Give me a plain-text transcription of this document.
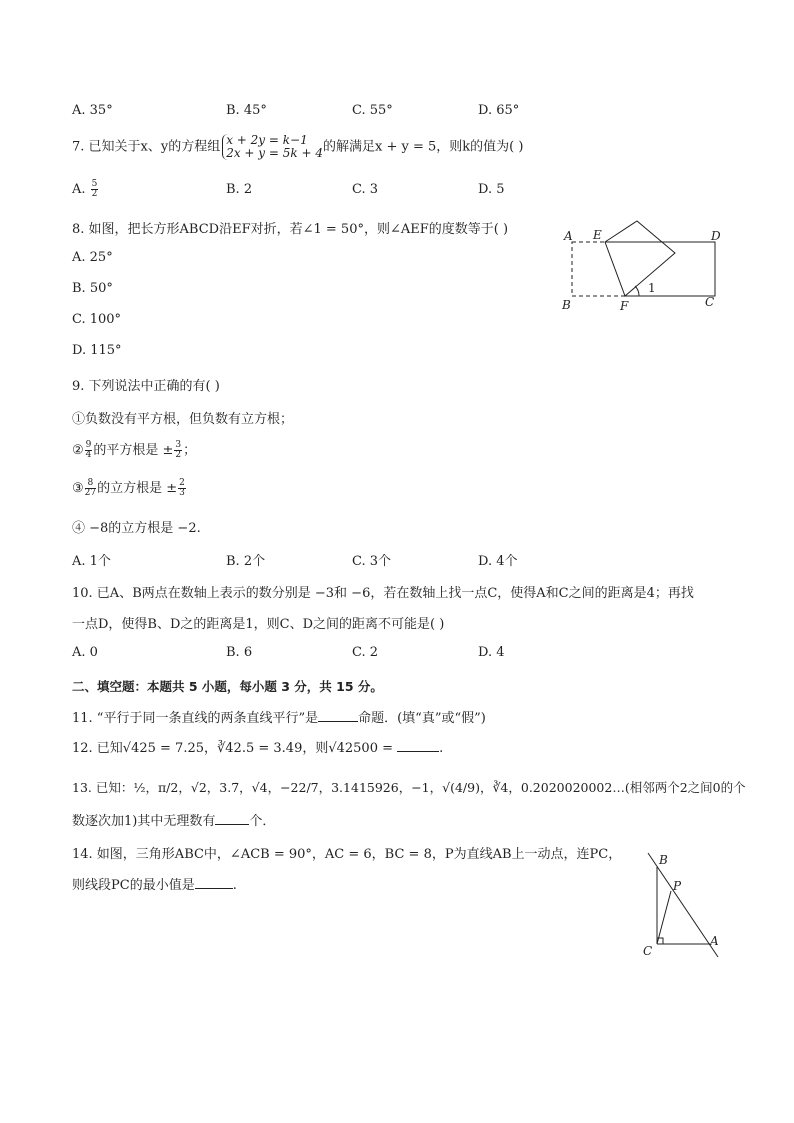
A. 35°	B. 45°	C. 55°	D. 65°
7. 已知关于x、y的方程组 x + 2y = k−1
2x + y = 5k + 4 的解满足x + y = 5，则k的值为( )
A. $\frac{5}{2}$	B. 2	C. 3	D. 5
8. 如图，把长方形ABCD沿EF对折，若∠1 = 50°，则∠AEF的度数等于( )
A. 25°
B. 50°
C. 100°
D. 115°
A E	D
B	F	C
1
9. 下列说法中正确的有( )
①负数没有平方根，但负数有立方根；
② $\frac{9}{4}$ 的平方根是 ± $\frac{3}{2}$ ；
③ $\frac{8}{27}$ 的立方根是 ± $\frac{2}{3}$
④ −8的立方根是 −2.
A. 1个	B. 2个	C. 3个	D. 4个
10. 已A、B两点在数轴上表示的数分别是 −3和 −6，若在数轴上找一点C，使得A和C之间的距离是4；再找
一点D，使得B、D之的距离是1，则C、D之间的距离不可能是( )
A. 0	B. 6	C. 2	D. 4
二、填空题：本题共 5 小题，每小题 3 分，共 15 分。
11. “平行于同一条直线的两条直线平行”是	命题．(填“真”或“假”)
12. 已知√425 = 7.25，∛42.5 = 3.49，则√42500 =	.
13. 已知：½，π/2，√2，3.7̇，√4，−22/7，3.1415926，−1，√(4/9)，∛4，0.2020020002…(相邻两个2之间0的个
数逐次加1)其中无理数有	个．
14. 如图，三角形ABC中，∠ACB = 90°，AC = 6，BC = 8，P为直线AB上一动点，连PC，
则线段PC的最小值是	.
B
P
C
A
